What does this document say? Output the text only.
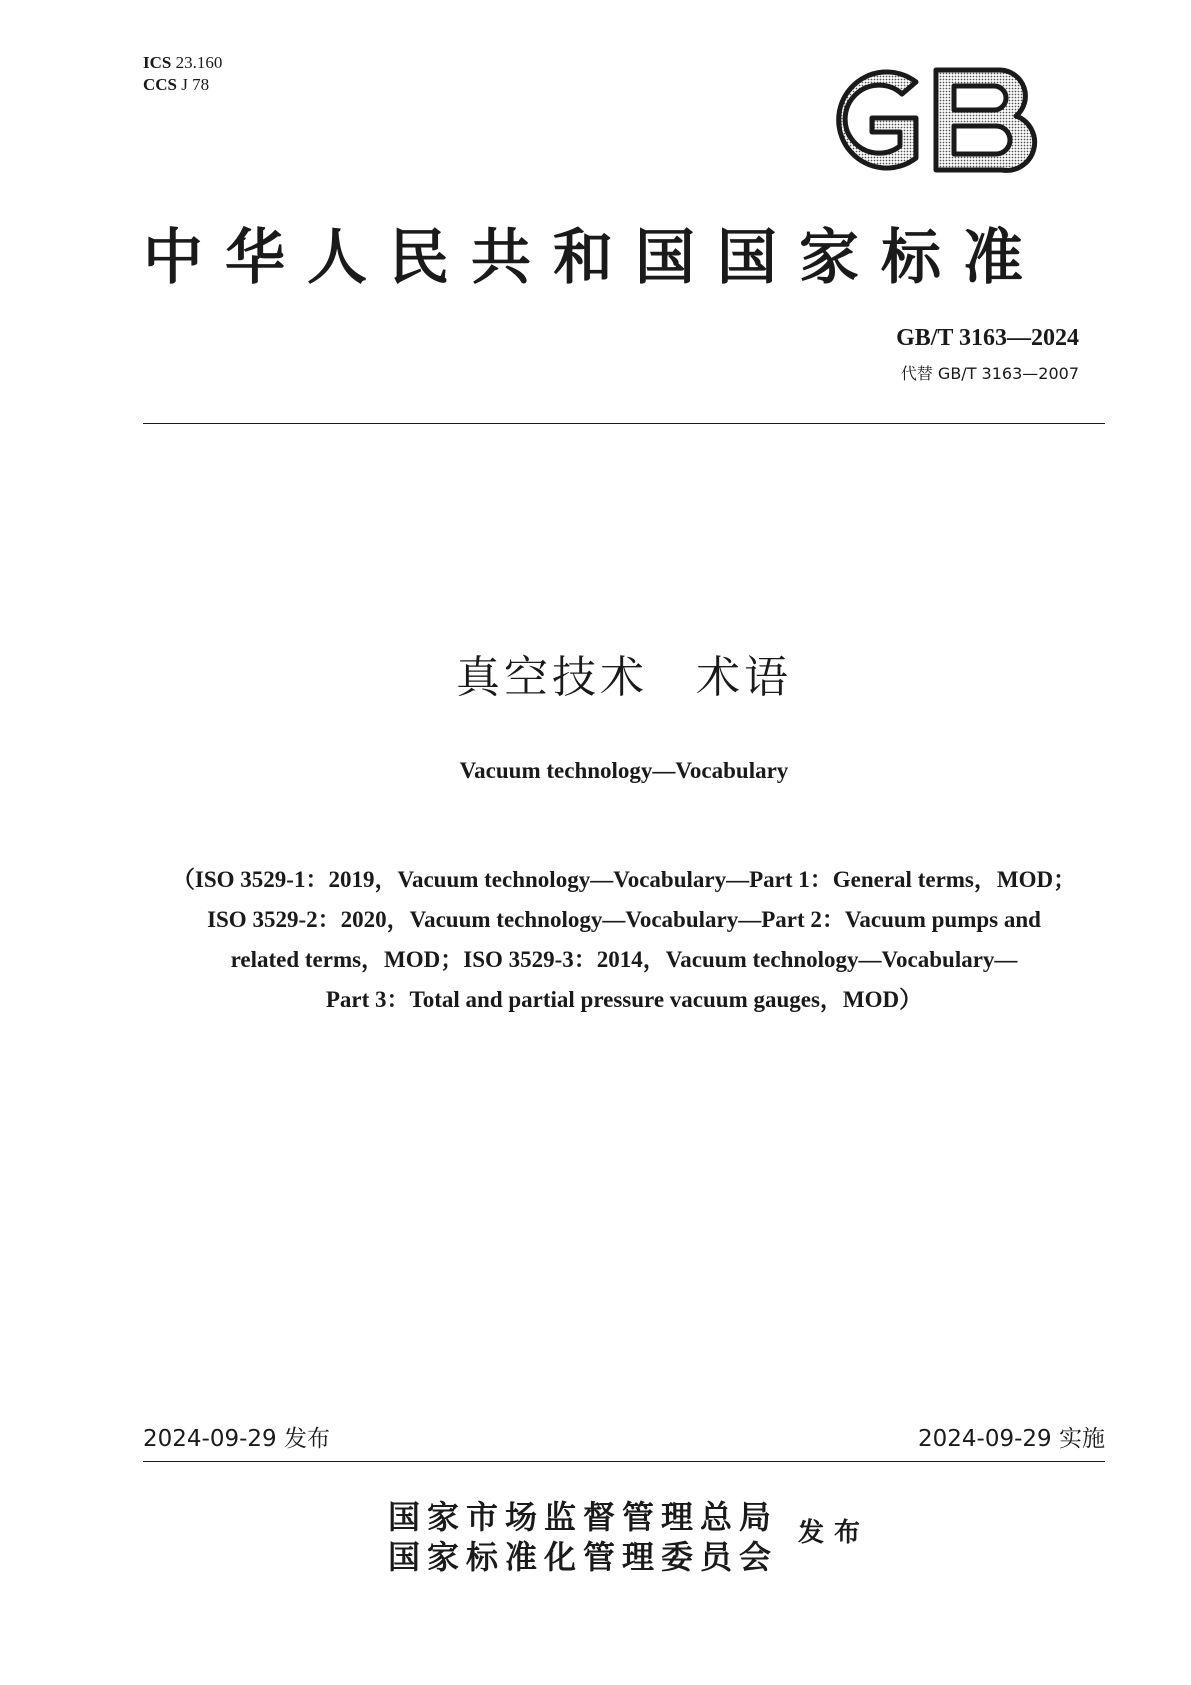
ICS 23.160
CCS J 78
GB
中华人民共和国国家标准
GB/T 3163—2024
代替 GB/T 3163—2007
真空技术　术语
Vacuum technology—Vocabulary
（ISO 3529-1：2019，Vacuum technology—Vocabulary—Part 1：General terms，MOD；
ISO 3529-2：2020，Vacuum technology—Vocabulary—Part 2：Vacuum pumps and
related terms，MOD；ISO 3529-3：2014，Vacuum technology—Vocabulary—
Part 3：Total and partial pressure vacuum gauges，MOD）
2024-09-29 发布	2024-09-29 实施
国家市场监督管理总局
国家标准化管理委员会
发布
